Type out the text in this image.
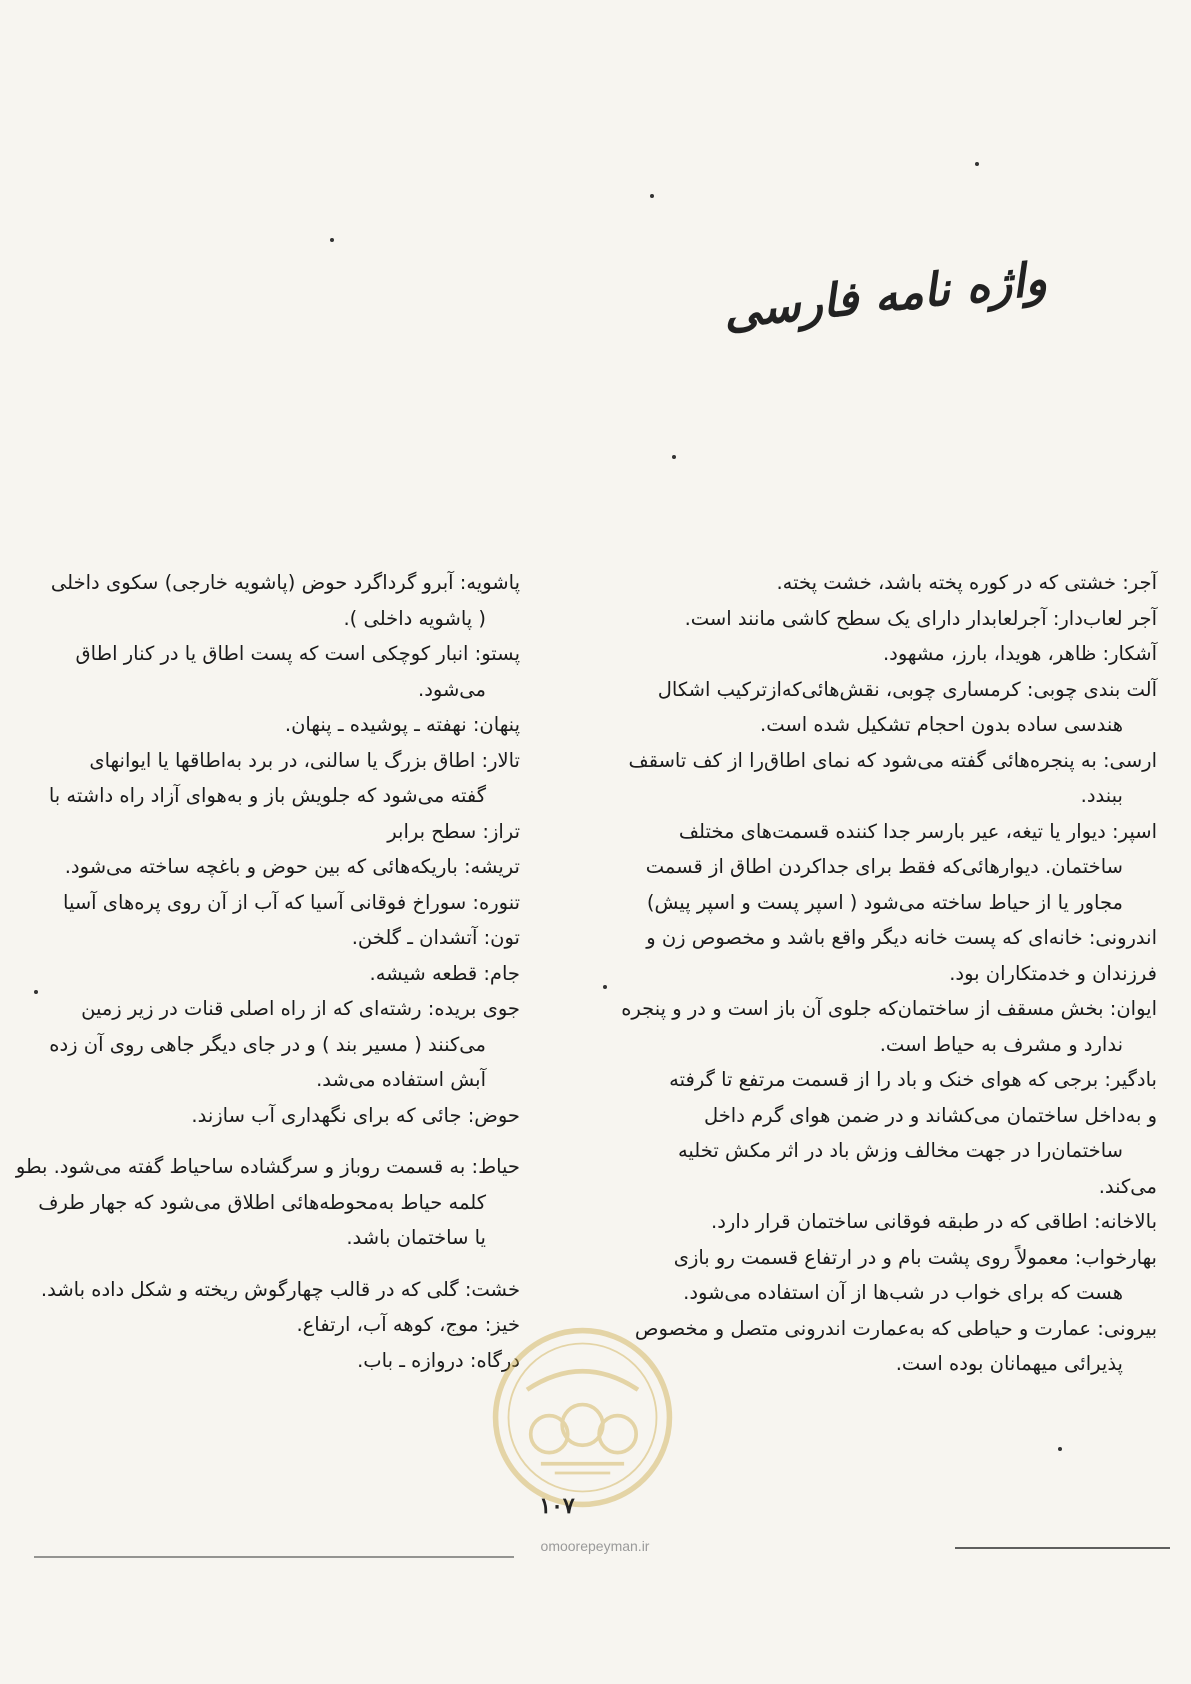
واژه نامه فارسی
آجر: خشتی که در کوره پخته باشد، خشت پخته.
آجر لعاب‌دار: آجرلعابدار دارای یک سطح کاشی مانند است.
آشکار: ظاهر، هویدا، بارز، مشهود.
آلت بندی چوبی: کرمساری چوبی، نقش‌هائی‌که‌ازترکیب اشکال
هندسی ساده بدون احجام تشکیل شده است.
ارسی: به پنجره‌هائی گفته می‌شود که نمای اطاق‌را از کف تاسقف
ببندد.
اسپر: دیوار یا تیغه، عیر بارسر جدا کننده قسمت‌های مختلف
ساختمان. دیوارهائی‌که فقط برای جداکردن اطاق از قسمت
مجاور یا از حیاط ساخته می‌شود ( اسپر پست و اسپر پیش)
اندرونی: خانه‌ای که پست خانه دیگر واقع باشد و مخصوص زن و
فرزندان و خدمتکاران بود.
ایوان: بخش مسقف از ساختمان‌که جلوی آن باز است و در و پنجره
ندارد و مشرف به حیاط است.
بادگیر: برجی که هوای خنک و باد را از قسمت مرتفع تا گرفته
و به‌داخل ساختمان می‌کشاند و در ضمن هوای گرم داخل
ساختمان‌را در جهت مخالف وزش باد در اثر مکش تخلیه
می‌کند.
بالاخانه: اطاقی که در طبقه فوقانی ساختمان قرار دارد.
بهارخواب: معمولاً روی پشت بام و در ارتفاع قسمت رو بازی
هست که برای خواب در شب‌ها از آن استفاده می‌شود.
بیرونی: عمارت و حیاطی که به‌عمارت اندرونی متصل و مخصوص
پذیرائی میهمانان بوده است.
پاشویه: آبرو گرداگرد حوض (پاشویه خارجی) سکوی داخلی
( پاشویه داخلی ).
پستو: انبار کوچکی است که پست اطاق یا در کنار اطاق
می‌شود.
پنهان: نهفته ـ پوشیده ـ پنهان.
تالار: اطاق بزرگ یا سالنی، در برد به‌اطاقها یا ایوانهای
گفته می‌شود که جلویش باز و به‌هوای آزاد راه داشته با
تراز: سطح برابر
تریشه: باریکه‌هائی که بین حوض و باغچه ساخته می‌شود.
تنوره: سوراخ فوقانی آسیا که آب از آن روی پره‌های آسیا
تون: آتشدان ـ گلخن.
جام: قطعه شیشه.
جوی بریده: رشته‌ای که از راه اصلی قنات در زیر زمین
می‌کنند ( مسیر بند ) و در جای دیگر جاهی روی آن زده
آبش استفاده می‌شد.
حوض: جائی که برای نگهداری آب سازند.
حیاط: به قسمت روباز و سرگشاده ساحیاط گفته می‌شود. بطو
کلمه حیاط به‌محوطه‌هائی اطلاق می‌شود که جهار طرف
یا ساختمان باشد.
خشت: گلی که در قالب چهارگوش ریخته و شکل داده باشد.
خیز: موج، کوهه آب، ارتفاع.
درگاه: دروازه ـ باب.
۱۰۷
omoorepeyman.ir
